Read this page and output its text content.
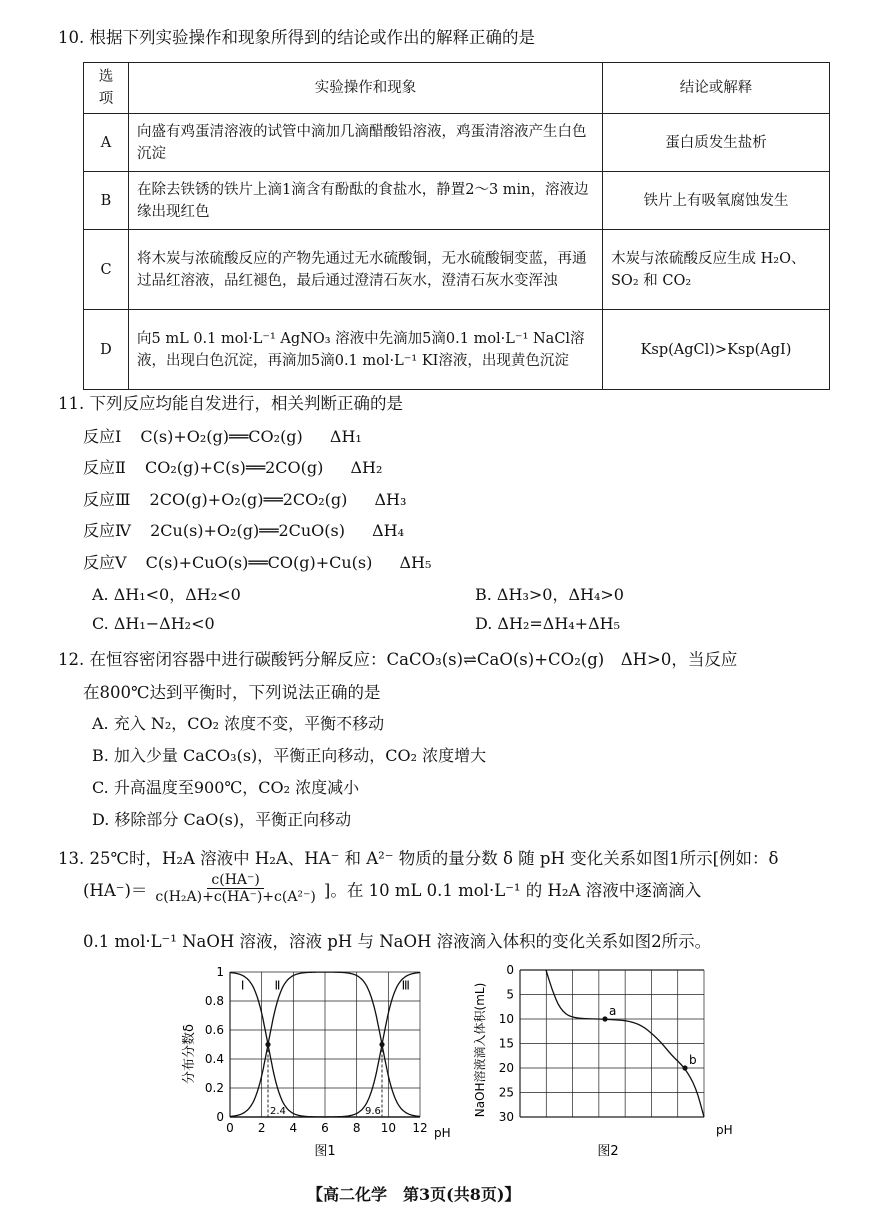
10. 根据下列实验操作和现象所得到的结论或作出的解释正确的是
选项	实验操作和现象	结论或解释
A	向盛有鸡蛋清溶液的试管中滴加几滴醋酸铅溶液，鸡蛋清溶液产生白色沉淀	蛋白质发生盐析
B	在除去铁锈的铁片上滴1滴含有酚酞的食盐水，静置2～3 min，溶液边缘出现红色	铁片上有吸氧腐蚀发生
C	将木炭与浓硫酸反应的产物先通过无水硫酸铜，无水硫酸铜变蓝，再通过品红溶液，品红褪色，最后通过澄清石灰水，澄清石灰水变浑浊	木炭与浓硫酸反应生成 H₂O、SO₂ 和 CO₂
D	向5 mL 0.1 mol·L⁻¹ AgNO₃ 溶液中先滴加5滴0.1 mol·L⁻¹ NaCl溶液，出现白色沉淀，再滴加5滴0.1 mol·L⁻¹ KI溶液，出现黄色沉淀	Ksp(AgCl)>Ksp(AgI)
11. 下列反应均能自发进行，相关判断正确的是
反应Ⅰ C(s)+O₂(g)══CO₂(g) ΔH₁
反应Ⅱ CO₂(g)+C(s)══2CO(g) ΔH₂
反应Ⅲ 2CO(g)+O₂(g)══2CO₂(g) ΔH₃
反应Ⅳ 2Cu(s)+O₂(g)══2CuO(s) ΔH₄
反应Ⅴ C(s)+CuO(s)══CO(g)+Cu(s) ΔH₅
A. ΔH₁<0，ΔH₂<0	B. ΔH₃>0，ΔH₄>0
C. ΔH₁−ΔH₂<0	D. ΔH₂=ΔH₄+ΔH₅
12. 在恒容密闭容器中进行碳酸钙分解反应：CaCO₃(s)⇌CaO(s)+CO₂(g)　ΔH>0，当反应
在800℃达到平衡时，下列说法正确的是
A. 充入 N₂，CO₂ 浓度不变，平衡不移动
B. 加入少量 CaCO₃(s)，平衡正向移动，CO₂ 浓度增大
C. 升高温度至900℃，CO₂ 浓度减小
D. 移除部分 CaO(s)，平衡正向移动
13. 25℃时，H₂A 溶液中 H₂A、HA⁻ 和 A²⁻ 物质的量分数 δ 随 pH 变化关系如图1所示[例如：δ
$(HA^-)= \frac{c(HA^-)}{\text{c(H₂A)+c(HA⁻)+c(A²⁻)}}$ ]。在 10 mL 0.1 mol·L⁻¹ 的 H₂A 溶液中逐滴滴入
0.1 mol·L⁻¹ NaOH 溶液，溶液 pH 与 NaOH 溶液滴入体积的变化关系如图2所示。
0 2 4 6 8 10 12
0
0.2
0.4
0.6
0.8
1
Ⅰ	Ⅱ	Ⅲ
2.4	9.6
分布分数δ
pH
图1
0
5
10
15
20
25
30
a
b
NaOH溶液滴入体积(mL)
pH
图2
【高二化学　第3页(共8页)】
